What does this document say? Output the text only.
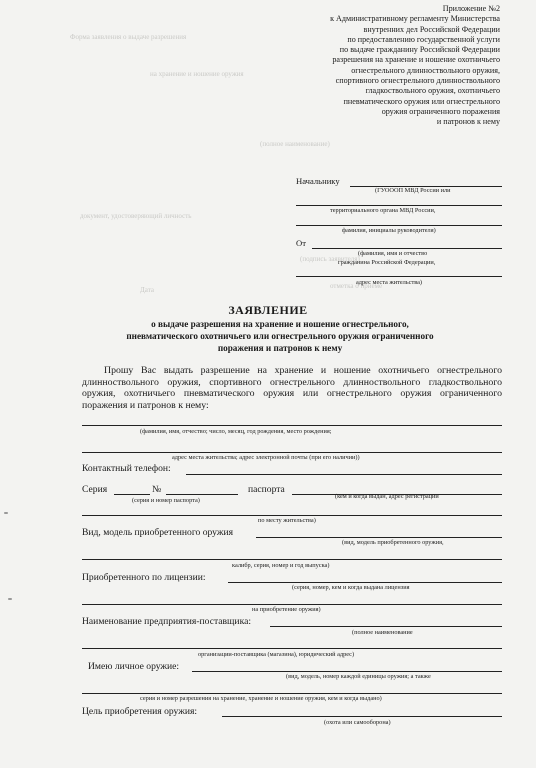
Форма заявления о выдаче разрешения
на хранение и ношение оружия
(полное наименование)
документ, удостоверяющий личность
(подпись заявителя)
отметка о приеме
Дата
Приложение №2
к Административному регламенту Министерства
внутренних дел Российской Федерации
по предоставлению государственной услуги
по выдаче гражданину Российской Федерации
разрешения на хранение и ношение охотничьего
огнестрельного длинноствольного оружия,
спортивного огнестрельного длинноствольного
гладкоствольного оружия, охотничьего
пневматического оружия или огнестрельного
оружия ограниченного поражения
и патронов к нему
Начальнику
(ГУОООП МВД России или
территориального органа МВД России,
фамилия, инициалы руководителя)
От
(фамилия, имя и отчество
гражданина Российской Федерации,
адрес места жительства)
ЗАЯВЛЕНИЕ
о выдаче разрешения на хранение и ношение огнестрельного, пневматического охотничьего или огнестрельного оружия ограниченного поражения и патронов к нему
Прошу Вас выдать разрешение на хранение и ношение охотничьего огнестрельного длинноствольного оружия, спортивного огнестрельного длинноствольного гладкоствольного оружия, охотничьего пневматического оружия или огнестрельного оружия ограниченного поражения и патронов к нему:
(фамилия, имя, отчество; число, месяц, год рождения, место рождения;
адрес места жительства; адрес электронной почты (при его наличии))
Контактный телефон:
Серия	№	паспорта
(серия и номер паспорта)
(кем и когда выдан, адрес регистрации
по месту жительства)
Вид, модель приобретенного оружия
(вид, модель приобретенного оружия,
калибр, серия, номер и год выпуска)
Приобретенного по лицензии:
(серия, номер, кем и когда выдана лицензия
на приобретение оружия)
Наименование предприятия-поставщика:
(полное наименование
организации-поставщика (магазина), юридический адрес)
Имею личное оружие:
(вид, модель, номер каждой единицы оружия; а также
серия и номер разрешения на хранение, хранение и ношение оружия, кем и когда выдано)
Цель приобретения оружия:
(охота или самооборона)
